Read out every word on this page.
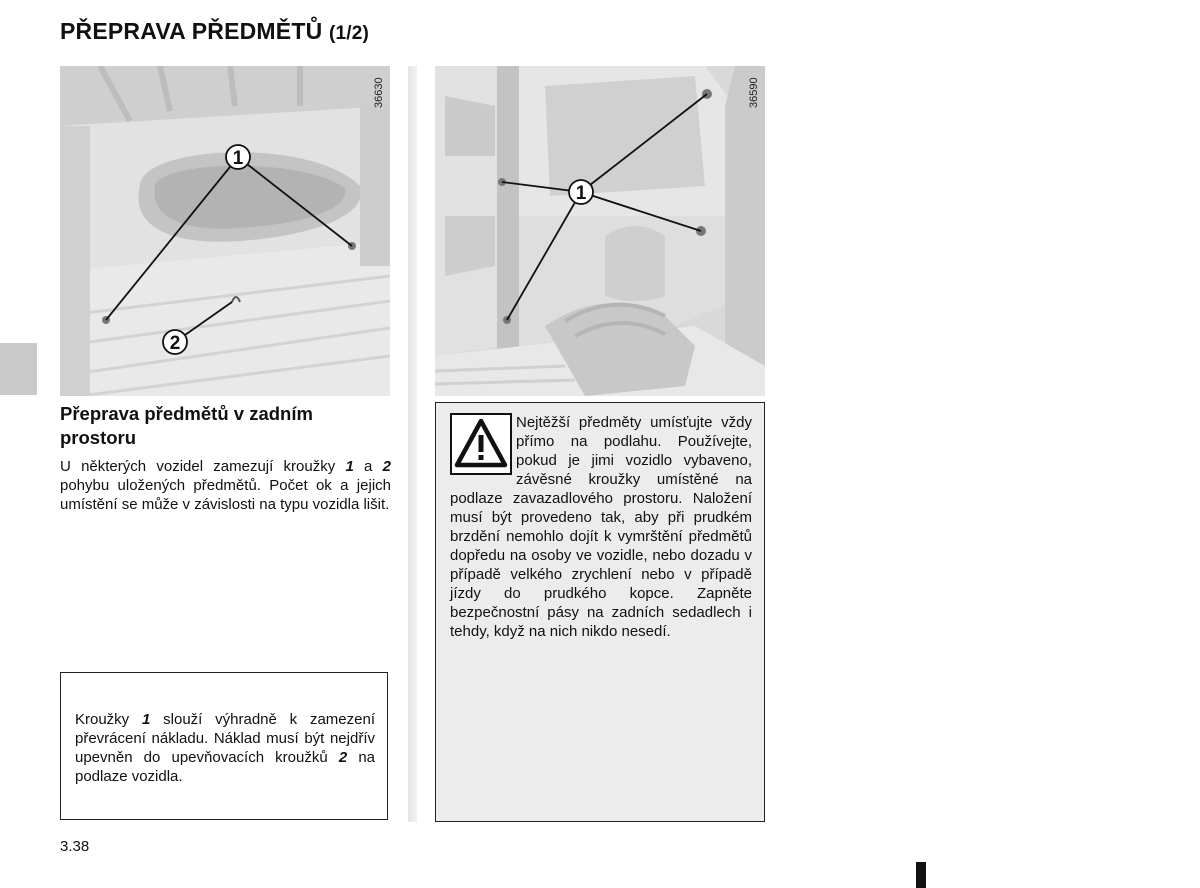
PŘEPRAVA PŘEDMĚTŮ (1/2)
1
2
36630
1
36590
Přeprava předmětů v zadním prostoru
U některých vozidel zamezují kroužky 1 a 2 pohybu uložených předmětů. Počet ok a jejich umístění se může v závislosti na typu vozidla lišit.
Kroužky 1 slouží výhradně k zamezení převrácení nákladu. Náklad musí být nejdřív upevněn do upevňovacích kroužků 2 na podlaze vozidla.
Nejtěžší předměty umísťujte vždy přímo na podlahu. Používejte, pokud je jimi vozidlo vybaveno, závěsné kroužky umístěné na podlaze zavazadlového prostoru. Naložení musí být provedeno tak, aby při prudkém brzdění nemohlo dojít k vymrštění předmětů dopředu na osoby ve vozidle, nebo dozadu v případě velkého zrychlení nebo v případě jízdy do prudkého kopce. Zapněte bezpečnostní pásy na zadních sedadlech i tehdy, když na nich nikdo nesedí.
3.38
